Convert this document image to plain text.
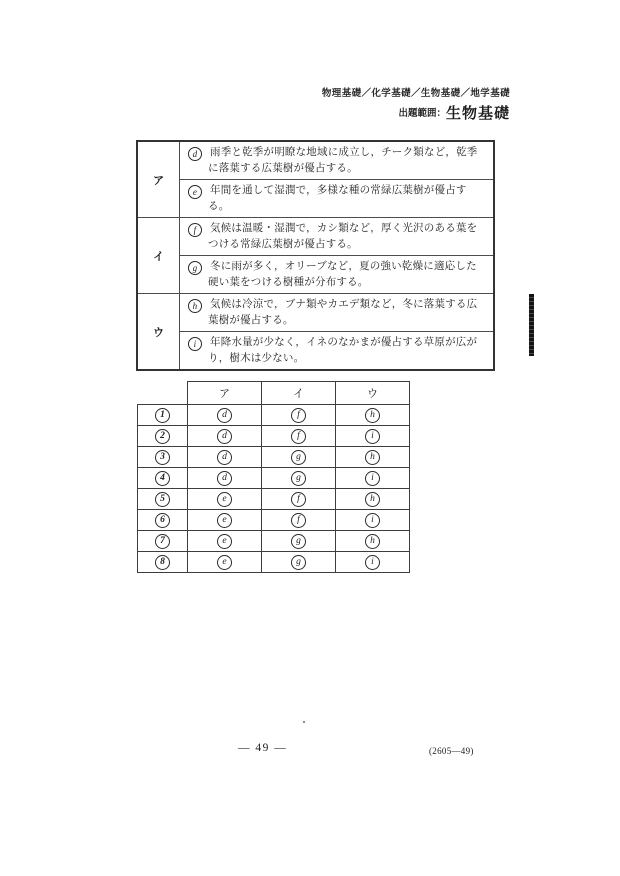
物理基礎／化学基礎／生物基礎／地学基礎
出題範囲：生物基礎
ア	d 雨季と乾季が明瞭な地域に成立し，チーク類など，乾季に落葉する広葉樹が優占する。

	e 年間を通して湿潤で，多様な種の常緑広葉樹が優占する。

イ	f 気候は温暖・湿潤で，カシ類など，厚く光沢のある葉をつける常緑広葉樹が優占する。

	g 冬に雨が多く，オリーブなど，夏の強い乾燥に適応した硬い葉をつける樹種が分布する。

ウ	h 気候は冷涼で，ブナ類やカエデ類など，冬に落葉する広葉樹が優占する。

	i 年降水量が少なく，イネのなかまが優占する草原が広がり，樹木は少ない。
	ア	イ	ウ
1	d	f	h
2	d	f	i
3	d	g	h
4	d	g	i
5	e	f	h
6	e	f	i
7	e	g	h
8	e	g	i
— 49 —	(2605—49)
